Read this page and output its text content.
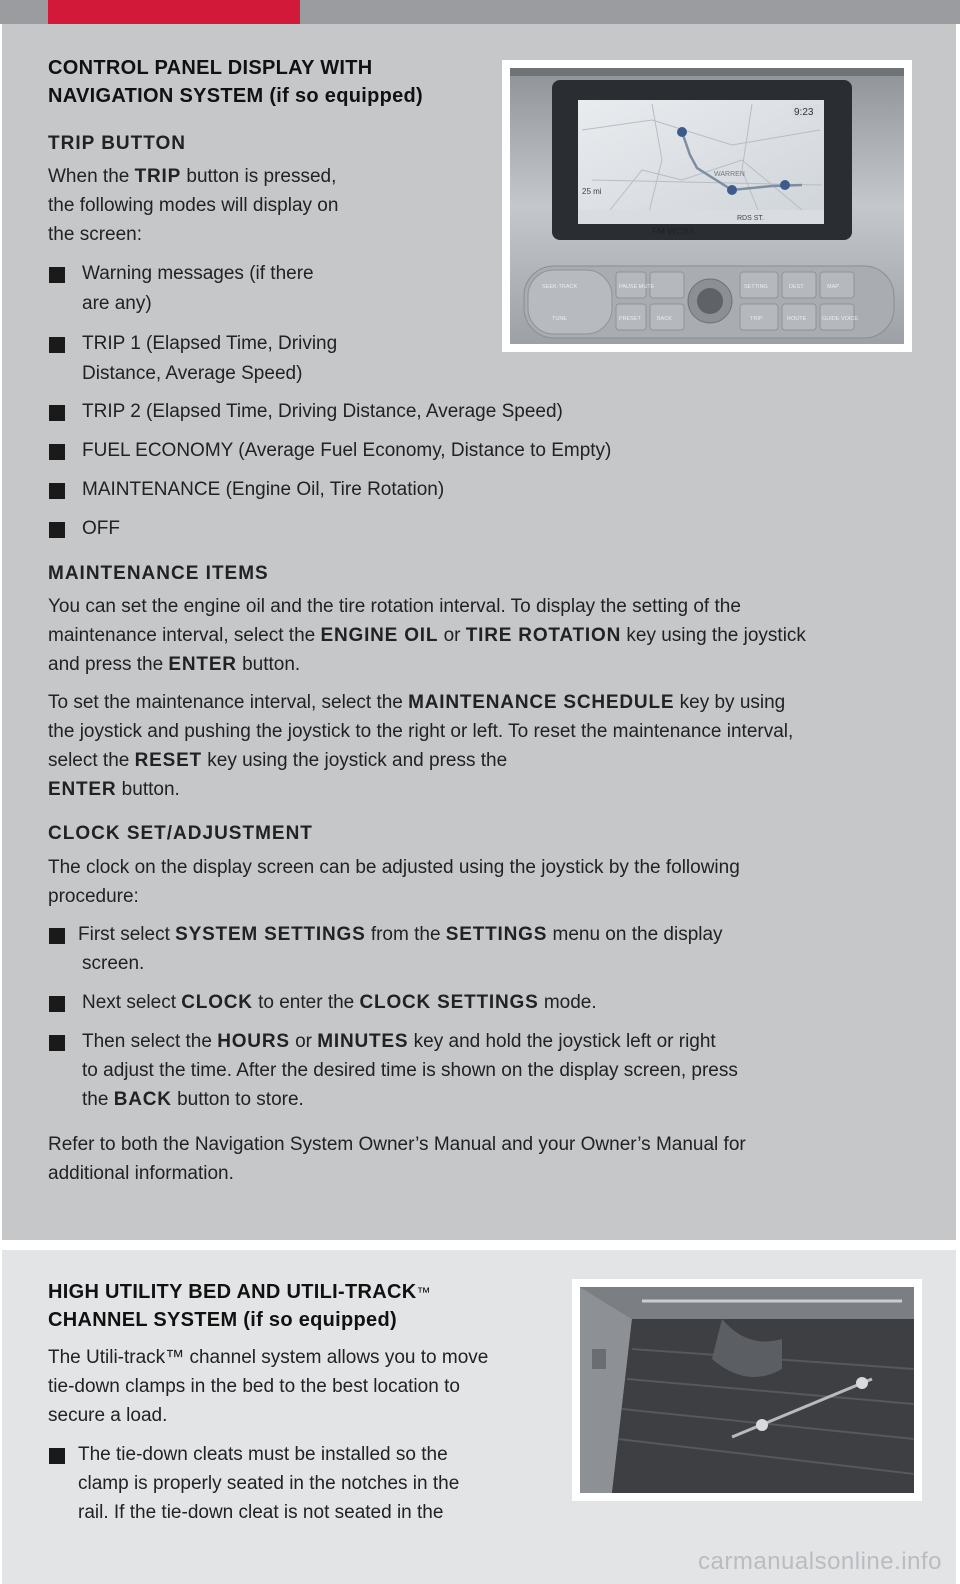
CONTROL PANEL DISPLAY WITH
NAVIGATION SYSTEM (if so equipped)
TRIP BUTTON
When the TRIP button is pressed,
the following modes will display on
the screen:
Warning messages (if there
are any)
TRIP 1 (Elapsed Time, Driving
Distance, Average Speed)
TRIP 2 (Elapsed Time, Driving Distance, Average Speed)
FUEL ECONOMY (Average Fuel Economy, Distance to Empty)
MAINTENANCE (Engine Oil, Tire Rotation)
OFF
MAINTENANCE ITEMS
You can set the engine oil and the tire rotation interval. To display the setting of the
maintenance interval, select the ENGINE OIL or TIRE ROTATION key using the joystick
and press the ENTER button.
To set the maintenance interval, select the MAINTENANCE SCHEDULE key by using
the joystick and pushing the joystick to the right or left. To reset the maintenance interval,
select the RESET key using the joystick and press the
ENTER button.
CLOCK SET/ADJUSTMENT
The clock on the display screen can be adjusted using the joystick by the following
procedure:
First select SYSTEM SETTINGS from the SETTINGS menu on the display
screen.
Next select CLOCK to enter the CLOCK SETTINGS mode.
Then select the HOURS or MINUTES key and hold the joystick left or right
to adjust the time. After the desired time is shown on the display screen, press
the BACK button to store.
Refer to both the Navigation System Owner’s Manual and your Owner’s Manual for
additional information.
9:23
25 mi
RDS ST.
WARREN
FM WCSX
SEEK·TRACK	PAUSE MUTE	SETTING	DEST	MAP
TUNE	PRESET	BACK	TRIP	ROUTE	GUIDE VOICE
HIGH UTILITY BED AND UTILI-TRACK™
CHANNEL SYSTEM (if so equipped)
The Utili-track™ channel system allows you to move
tie-down clamps in the bed to the best location to
secure a load.
The tie-down cleats must be installed so the
clamp is properly seated in the notches in the
rail. If the tie-down cleat is not seated in the
carmanualsonline.info
